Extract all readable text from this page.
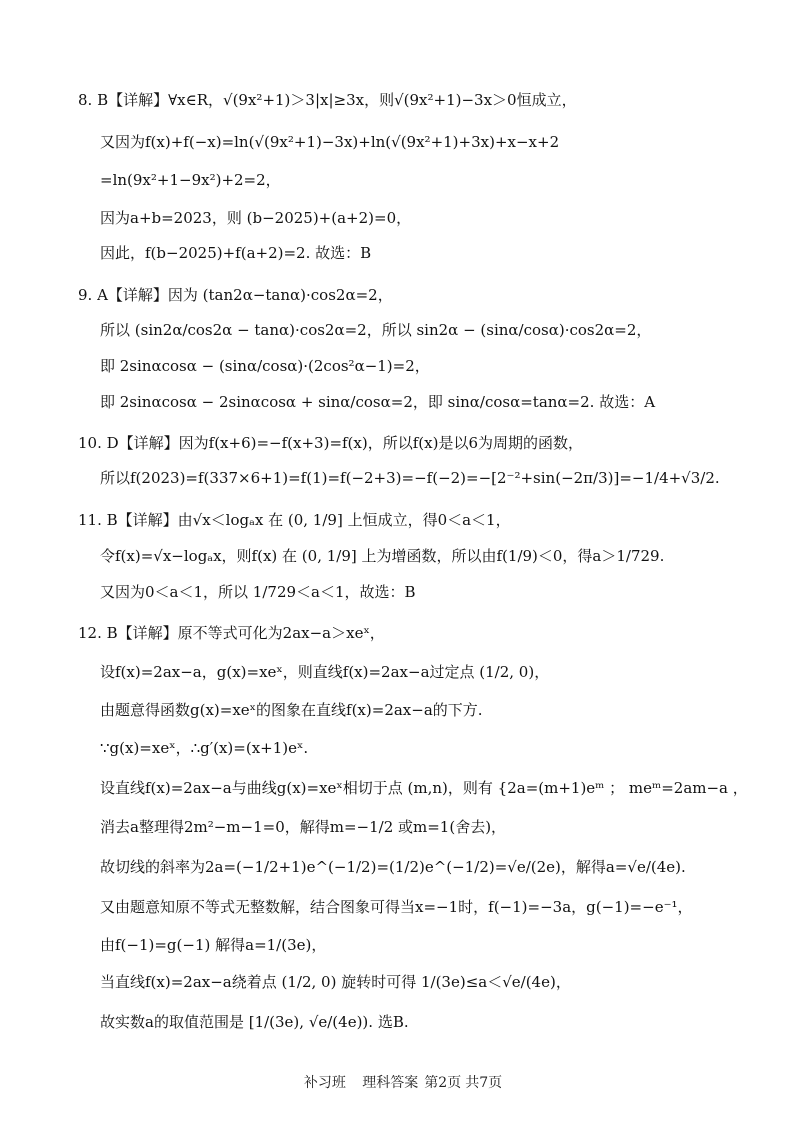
8. B【详解】∀x∈R，√(9x²+1)＞3|x|≥3x，则√(9x²+1)−3x＞0恒成立，
又因为f(x)+f(−x)=ln(√(9x²+1)−3x)+ln(√(9x²+1)+3x)+x−x+2
=ln(9x²+1−9x²)+2=2，
因为a+b=2023，则 (b−2025)+(a+2)=0，
因此，f(b−2025)+f(a+2)=2. 故选：B
9. A【详解】因为 (tan2α−tanα)·cos2α=2，
所以 (sin2α/cos2α − tanα)·cos2α=2，所以 sin2α − (sinα/cosα)·cos2α=2，
即 2sinαcosα − (sinα/cosα)·(2cos²α−1)=2，
即 2sinαcosα − 2sinαcosα + sinα/cosα=2，即 sinα/cosα=tanα=2. 故选：A
10. D【详解】因为f(x+6)=−f(x+3)=f(x)，所以f(x)是以6为周期的函数，
所以f(2023)=f(337×6+1)=f(1)=f(−2+3)=−f(−2)=−[2⁻²+sin(−2π/3)]=−1/4+√3/2.
11. B【详解】由√x＜logₐx 在 (0, 1/9] 上恒成立，得0＜a＜1，
令f(x)=√x−logₐx，则f(x) 在 (0, 1/9] 上为增函数，所以由f(1/9)＜0，得a＞1/729.
又因为0＜a＜1，所以 1/729＜a＜1，故选：B
12. B【详解】原不等式可化为2ax−a＞xeˣ，
设f(x)=2ax−a，g(x)=xeˣ，则直线f(x)=2ax−a过定点 (1/2, 0)，
由题意得函数g(x)=xeˣ的图象在直线f(x)=2ax−a的下方.
∵g(x)=xeˣ，∴g′(x)=(x+1)eˣ.
设直线f(x)=2ax−a与曲线g(x)=xeˣ相切于点 (m,n)，则有 {2a=(m+1)eᵐ ； meᵐ=2am−a ，
消去a整理得2m²−m−1=0，解得m=−1/2 或m=1(舍去)，
故切线的斜率为2a=(−1/2+1)e^(−1/2)=(1/2)e^(−1/2)=√e/(2e)，解得a=√e/(4e).
又由题意知原不等式无整数解，结合图象可得当x=−1时，f(−1)=−3a，g(−1)=−e⁻¹，
由f(−1)=g(−1) 解得a=1/(3e)，
当直线f(x)=2ax−a绕着点 (1/2, 0) 旋转时可得 1/(3e)≤a＜√e/(4e)，
故实数a的取值范围是 [1/(3e), √e/(4e)). 选B.
补习班 理科答案 第2页 共7页
